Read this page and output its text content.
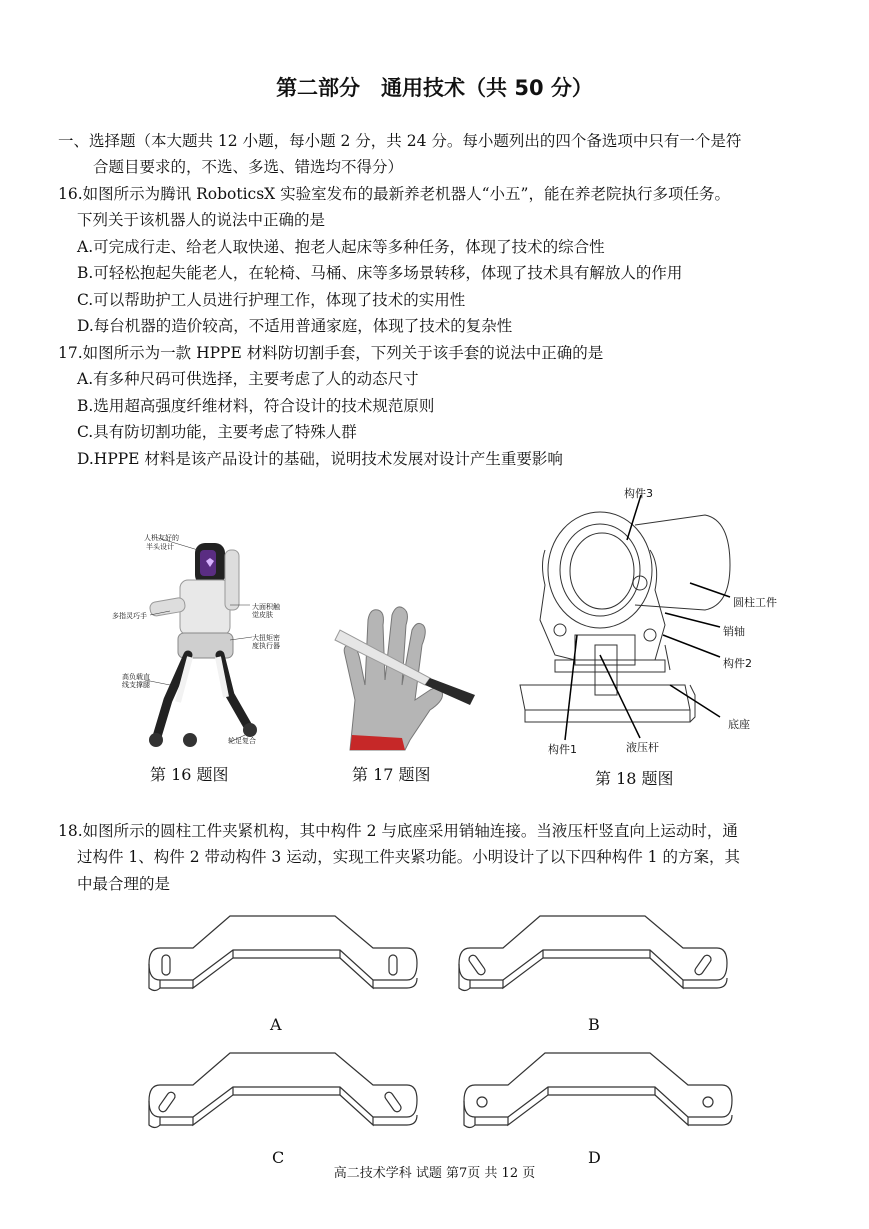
第二部分　通用技术（共 50 分）
一、选择题（本大题共 12 小题，每小题 2 分，共 24 分。每小题列出的四个备选项中只有一个是符
合题目要求的，不选、多选、错选均不得分）
16.如图所示为腾讯 RoboticsX 实验室发布的最新养老机器人“小五”，能在养老院执行多项任务。
下列关于该机器人的说法中正确的是
A.可完成行走、给老人取快递、抱老人起床等多种任务，体现了技术的综合性
B.可轻松抱起失能老人，在轮椅、马桶、床等多场景转移，体现了技术具有解放人的作用
C.可以帮助护工人员进行护理工作，体现了技术的实用性
D.每台机器的造价较高，不适用普通家庭，体现了技术的复杂性
17.如图所示为一款 HPPE 材料防切割手套，下列关于该手套的说法中正确的是
A.有多种尺码可供选择，主要考虑了人的动态尺寸
B.选用超高强度纤维材料，符合设计的技术规范原则
C.具有防切割功能，主要考虑了特殊人群
D.HPPE 材料是该产品设计的基础，说明技术发展对设计产生重要影响
人机友好的
半头设计
多指灵巧手
大面积触
觉皮肤
大扭矩密
度执行器
高负载直
线支撑腿
轮足复合
第 16 题图	第 17 题图
构件3
圆柱工件
销轴
构件2
底座
构件1	液压杆
第 18 题图
18.如图所示的圆柱工件夹紧机构，其中构件 2 与底座采用销轴连接。当液压杆竖直向上运动时，通
过构件 1、构件 2 带动构件 3 运动，实现工件夹紧功能。小明设计了以下四种构件 1 的方案，其
中最合理的是
A	B
C	D
高二技术学科 试题 第7页 共 12 页
